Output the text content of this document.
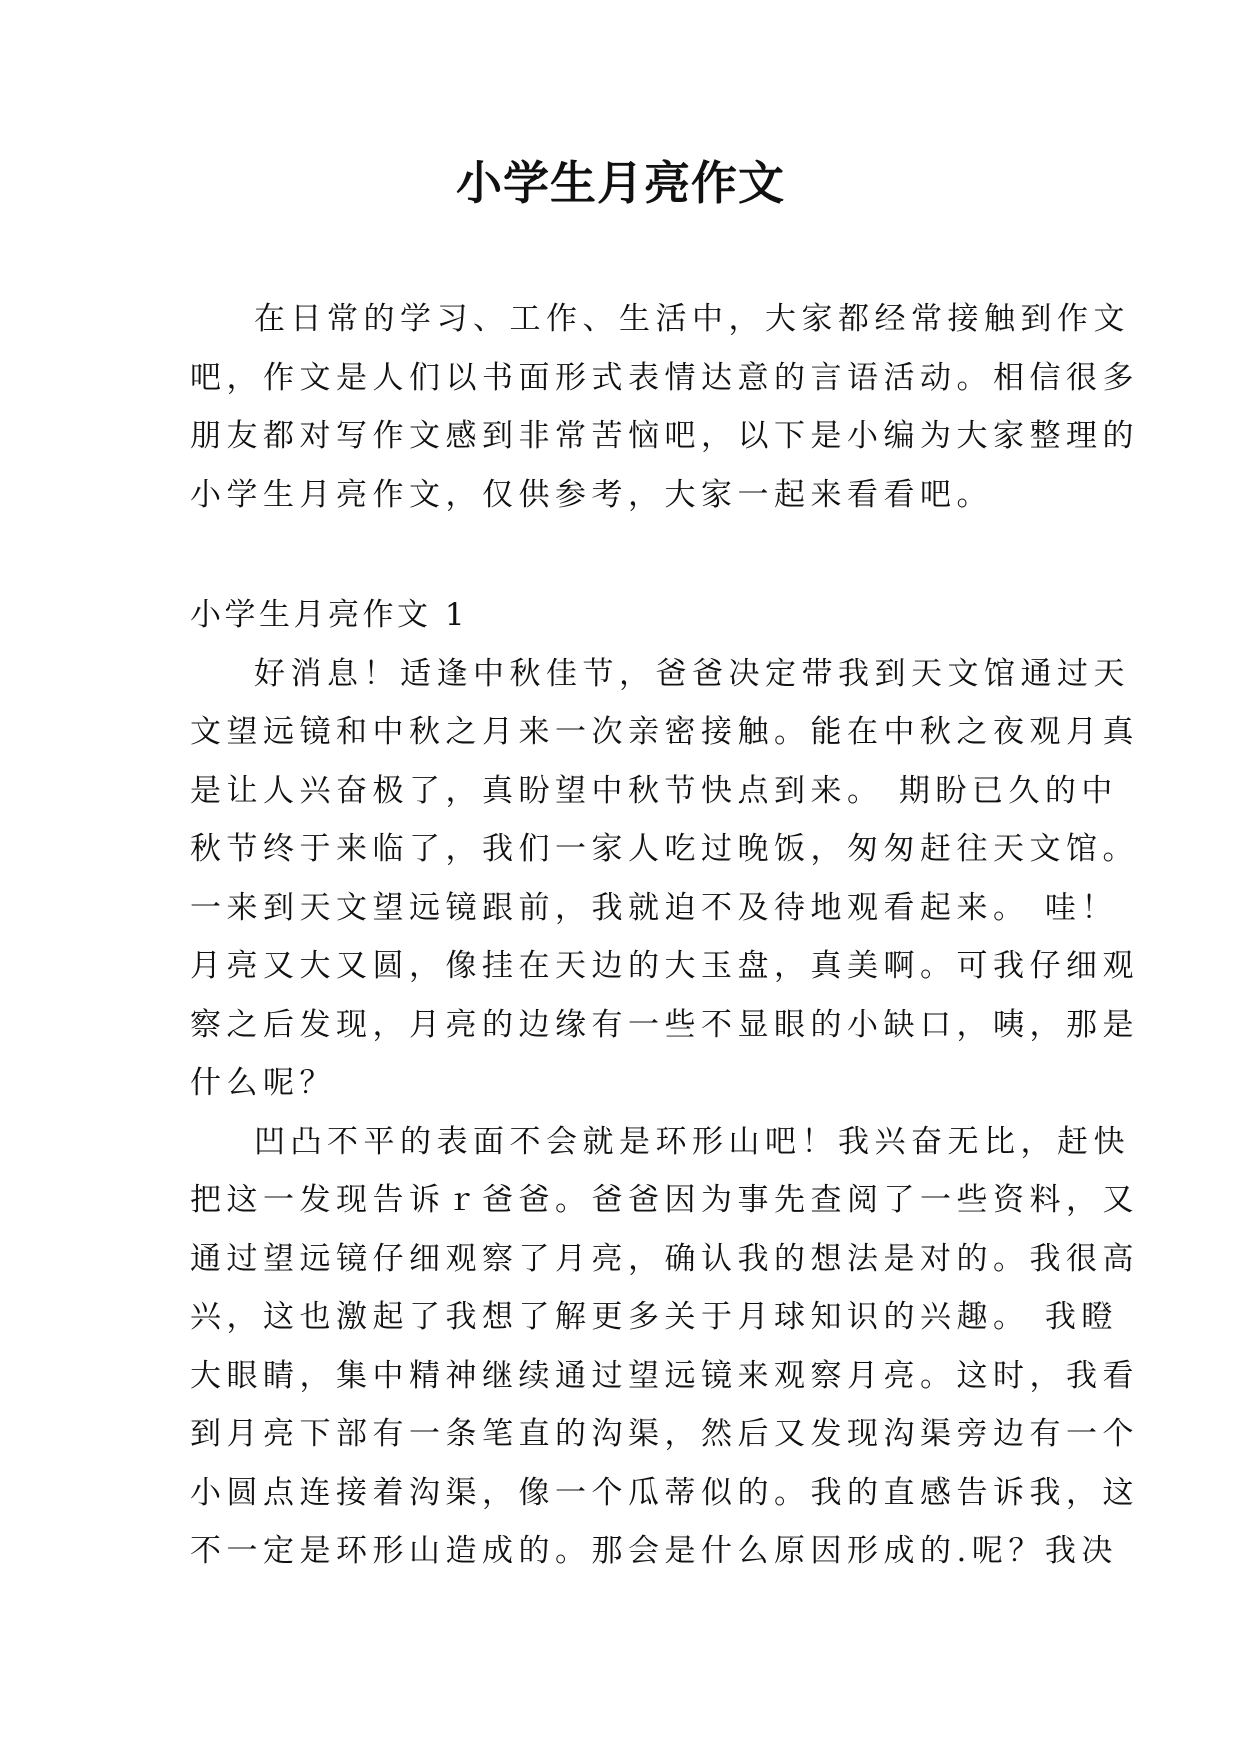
小学生月亮作文
在日常的学习、工作、生活中，大家都经常接触到作文
吧，作文是人们以书面形式表情达意的言语活动。相信很多
朋友都对写作文感到非常苦恼吧，以下是小编为大家整理的
小学生月亮作文，仅供参考，大家一起来看看吧。
小学生月亮作文 1
好消息！适逢中秋佳节，爸爸决定带我到天文馆通过天
文望远镜和中秋之月来一次亲密接触。能在中秋之夜观月真
是让人兴奋极了，真盼望中秋节快点到来。 期盼已久的中
秋节终于来临了，我们一家人吃过晚饭，匆匆赶往天文馆。
一来到天文望远镜跟前，我就迫不及待地观看起来。 哇！
月亮又大又圆，像挂在天边的大玉盘，真美啊。可我仔细观
察之后发现，月亮的边缘有一些不显眼的小缺口，咦，那是
什么呢？
凹凸不平的表面不会就是环形山吧！我兴奋无比，赶快
把这一发现告诉ｒ爸爸。爸爸因为事先查阅了一些资料，又
通过望远镜仔细观察了月亮，确认我的想法是对的。我很高
兴，这也激起了我想了解更多关于月球知识的兴趣。 我瞪
大眼睛，集中精神继续通过望远镜来观察月亮。这时，我看
到月亮下部有一条笔直的沟渠，然后又发现沟渠旁边有一个
小圆点连接着沟渠，像一个瓜蒂似的。我的直感告诉我，这
不一定是环形山造成的。那会是什么原因形成的.呢？我决
